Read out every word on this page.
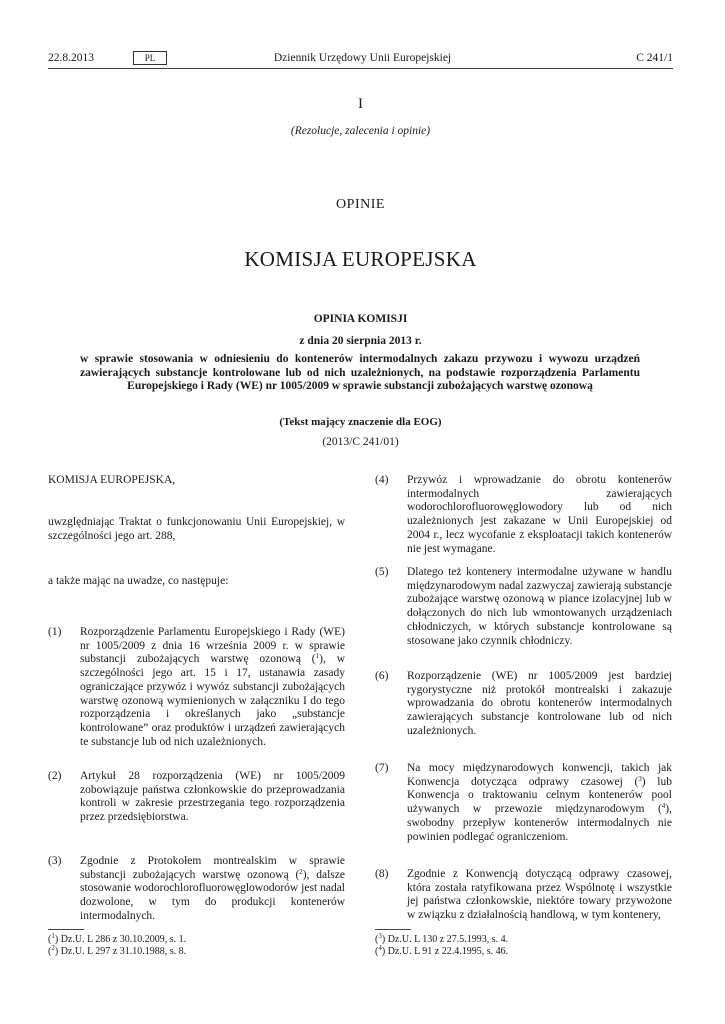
22.8.2013	PL	Dziennik Urzędowy Unii Europejskiej	C 241/1
I
(Rezolucje, zalecenia i opinie)
OPINIE
KOMISJA EUROPEJSKA
OPINIA KOMISJI
z dnia 20 sierpnia 2013 r.
w sprawie stosowania w odniesieniu do kontenerów intermodalnych zakazu przywozu i wywozu urządzeń zawierających substancje kontrolowane lub od nich uzależnionych, na podstawie rozporządzenia Parlamentu Europejskiego i Rady (WE) nr 1005/2009 w sprawie substancji zubożających warstwę ozonową
(Tekst mający znaczenie dla EOG)
(2013/C 241/01)
KOMISJA EUROPEJSKA,
uwzględniając Traktat o funkcjonowaniu Unii Europejskiej, w szczególności jego art. 288,
a także mając na uwadze, co następuje:
(1) Rozporządzenie Parlamentu Europejskiego i Rady (WE) nr 1005/2009 z dnia 16 września 2009 r. w sprawie substancji zubożających warstwę ozonową ($^1$), w szczególności jego art. 15 i 17, ustanawia zasady ograniczające przywóz i wywóz substancji zubożających warstwę ozonową wymienionych w załączniku I do tego rozporządzenia i określanych jako „substancje kontrolowane” oraz produktów i urządzeń zawierających te substancje lub od nich uzależnionych.
(2) Artykuł 28 rozporządzenia (WE) nr 1005/2009 zobowiązuje państwa członkowskie do przeprowadzania kontroli w zakresie przestrzegania tego rozporządzenia przez przedsiębiorstwa.
(3) Zgodnie z Protokołem montrealskim w sprawie substancji zubożających warstwę ozonową ($^2$), dalsze stosowanie wodorochlorofluorowęglowodorów jest nadal dozwolone, w tym do produkcji kontenerów intermodalnych.
(4) Przywóz i wprowadzanie do obrotu kontenerów intermodalnych zawierających wodorochlorofluorowęglowodory lub od nich uzależnionych jest zakazane w Unii Europejskiej od 2004 r., lecz wycofanie z eksploatacji takich kontenerów nie jest wymagane.
(5) Dlatego też kontenery intermodalne używane w handlu międzynarodowym nadal zazwyczaj zawierają substancje zubożające warstwę ozonową w piance izolacyjnej lub w dołączonych do nich lub wmontowanych urządzeniach chłodniczych, w których substancje kontrolowane są stosowane jako czynnik chłodniczy.
(6) Rozporządzenie (WE) nr 1005/2009 jest bardziej rygorystyczne niż protokół montrealski i zakazuje wprowadzania do obrotu kontenerów intermodalnych zawierających substancje kontrolowane lub od nich uzależnionych.
(7) Na mocy międzynarodowych konwencji, takich jak Konwencja dotycząca odprawy czasowej ($^3$) lub Konwencja o traktowaniu celnym kontenerów pool używanych w przewozie międzynarodowym ($^4$), swobodny przepływ kontenerów intermodalnych nie powinien podlegać ograniczeniom.
(8) Zgodnie z Konwencją dotyczącą odprawy czasowej, która została ratyfikowana przez Wspólnotę i wszystkie jej państwa członkowskie, niektóre towary przywożone w związku z działalnością handlową, w tym kontenery,
($^1$) Dz.U. L 286 z 30.10.2009, s. 1.
($^2$) Dz.U. L 297 z 31.10.1988, s. 8.
($^3$) Dz.U. L 130 z 27.5.1993, s. 4.
($^4$) Dz.U. L 91 z 22.4.1995, s. 46.
